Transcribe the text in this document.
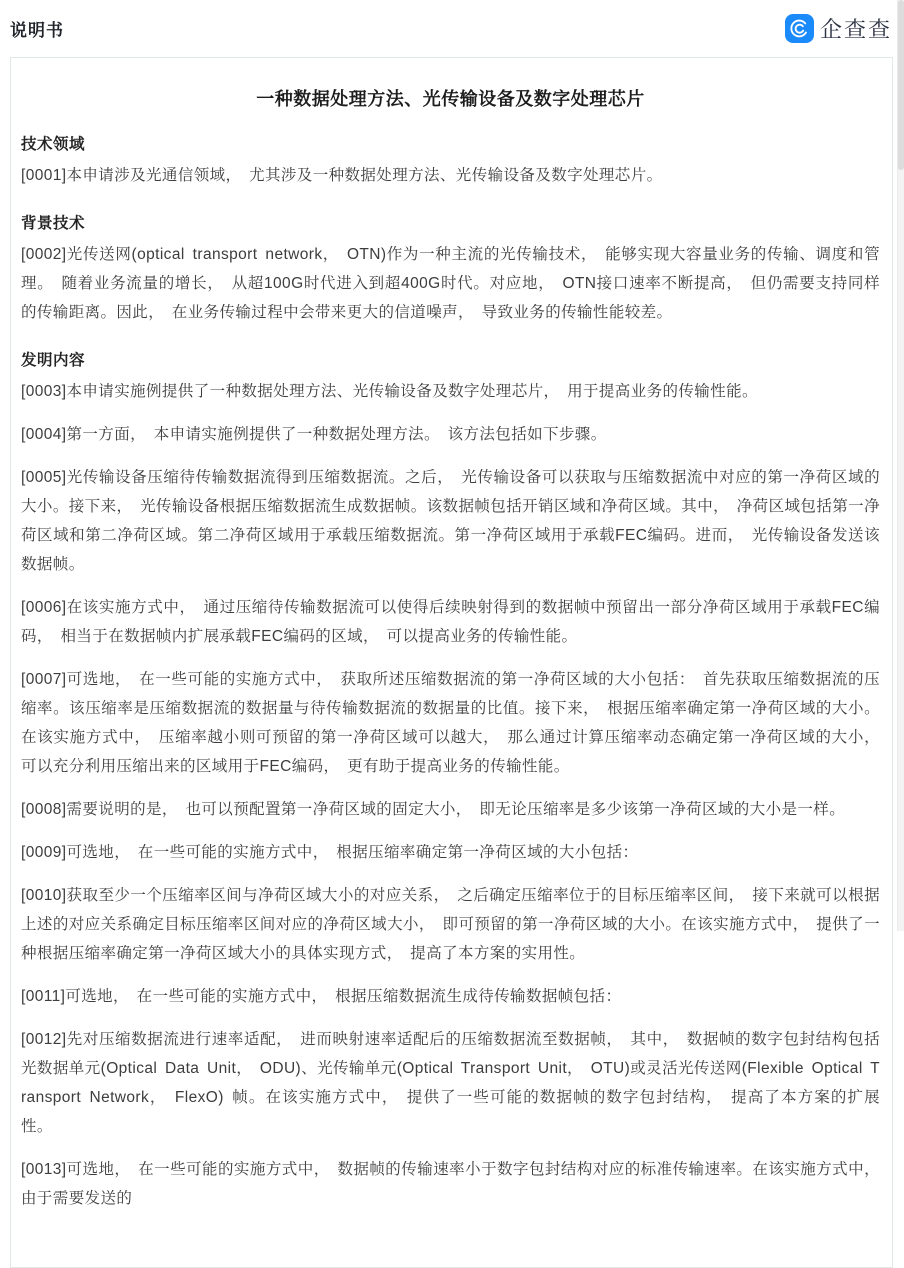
说明书	企查查
一种数据处理方法、光传输设备及数字处理芯片
技术领域

[0001]本申请涉及光通信领域， 尤其涉及一种数据处理方法、光传输设备及数字处理芯片。

背景技术

[0002]光传送网(optical transport network， OTN)作为一种主流的光传输技术， 能够实现大容量业务的传输、调度和管理。 随着业务流量的增长， 从超100G时代进入到超400G时代。对应地， OTN接口速率不断提高， 但仍需要支持同样的传输距离。因此， 在业务传输过程中会带来更大的信道噪声， 导致业务的传输性能较差。

发明内容

[0003]本申请实施例提供了一种数据处理方法、光传输设备及数字处理芯片， 用于提高业务的传输性能。

[0004]第一方面， 本申请实施例提供了一种数据处理方法。 该方法包括如下步骤。

[0005]光传输设备压缩待传输数据流得到压缩数据流。之后， 光传输设备可以获取与压缩数据流中对应的第一净荷区域的大小。接下来， 光传输设备根据压缩数据流生成数据帧。该数据帧包括开销区域和净荷区域。其中， 净荷区域包括第一净荷区域和第二净荷区域。第二净荷区域用于承载压缩数据流。第一净荷区域用于承载FEC编码。进而， 光传输设备发送该数据帧。

[0006]在该实施方式中， 通过压缩待传输数据流可以使得后续映射得到的数据帧中预留出一部分净荷区域用于承载FEC编码， 相当于在数据帧内扩展承载FEC编码的区域， 可以提高业务的传输性能。

[0007]可选地， 在一些可能的实施方式中， 获取所述压缩数据流的第一净荷区域的大小包括： 首先获取压缩数据流的压缩率。该压缩率是压缩数据流的数据量与待传输数据流的数据量的比值。接下来， 根据压缩率确定第一净荷区域的大小。在该实施方式中， 压缩率越小则可预留的第一净荷区域可以越大， 那么通过计算压缩率动态确定第一净荷区域的大小， 可以充分利用压缩出来的区域用于FEC编码， 更有助于提高业务的传输性能。

[0008]需要说明的是， 也可以预配置第一净荷区域的固定大小， 即无论压缩率是多少该第一净荷区域的大小是一样。

[0009]可选地， 在一些可能的实施方式中， 根据压缩率确定第一净荷区域的大小包括：

[0010]获取至少一个压缩率区间与净荷区域大小的对应关系， 之后确定压缩率位于的目标压缩率区间， 接下来就可以根据上述的对应关系确定目标压缩率区间对应的净荷区域大小， 即可预留的第一净荷区域的大小。在该实施方式中， 提供了一种根据压缩率确定第一净荷区域大小的具体实现方式， 提高了本方案的实用性。

[0011]可选地， 在一些可能的实施方式中， 根据压缩数据流生成待传输数据帧包括：

[0012]先对压缩数据流进行速率适配， 进而映射速率适配后的压缩数据流至数据帧， 其中， 数据帧的数字包封结构包括光数据单元(Optical Data Unit， ODU)、光传输单元(Optical Transport Unit， OTU)或灵活光传送网(Flexible Optical Transport Network， FlexO) 帧。在该实施方式中， 提供了一些可能的数据帧的数字包封结构， 提高了本方案的扩展性。

[0013]可选地， 在一些可能的实施方式中， 数据帧的传输速率小于数字包封结构对应的标准传输速率。在该实施方式中， 由于需要发送的
